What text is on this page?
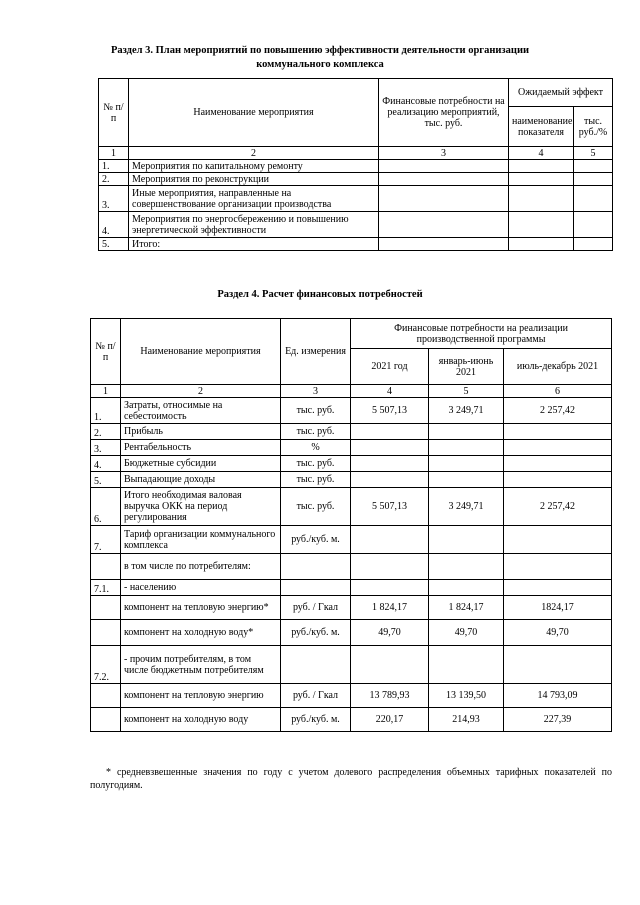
Раздел 3. План мероприятий по повышению эффективности деятельности организации
коммунального комплекса
№ п/п	Наименование мероприятия	Финансовые потребности на реализацию мероприятий, тыс. руб.	Ожидаемый эффект	
			наименование показателя	тыс. руб./%
1	2	3	4	5
1.	Мероприятия по капитальному ремонту			
2.	Мероприятия по реконструкции			
3.	Иные мероприятия, направленные на совершенствование организации производства			
4.	Мероприятия по энергосбережению и повышению энергетической эффективности			
5.	Итого:			
Раздел 4. Расчет финансовых потребностей
№ п/п	Наименование мероприятия	Ед. измерения	Финансовые потребности на реализации производственной программы		
			2021 год	январь-июнь 2021	июль-декабрь 2021
1	2	3	4	5	6
1.	Затраты, относимые на себестоимость	тыс. руб.	5 507,13	3 249,71	2 257,42
2.	Прибыль	тыс. руб.			
3.	Рентабельность	%			
4.	Бюджетные субсидии	тыс. руб.			
5.	Выпадающие доходы	тыс. руб.			
6.	Итого необходимая валовая выручка ОКК на период регулирования	тыс. руб.	5 507,13	3 249,71	2 257,42
7.	Тариф организации коммунального комплекса	руб./куб. м.			
	в том числе по потребителям:				
7.1.	- населению				
	компонент на тепловую энергию*	руб. / Гкал	1 824,17	1 824,17	1824,17
	компонент на холодную воду*	руб./куб. м.	49,70	49,70	49,70
7.2.	- прочим потребителям, в том числе бюджетным потребителям				
	компонент на тепловую энергию	руб. / Гкал	13 789,93	13 139,50	14 793,09
	компонент на холодную воду	руб./куб. м.	220,17	214,93	227,39
* средневзвешенные значения по году с учетом долевого распределения объемных тарифных показателей по полугодиям.
